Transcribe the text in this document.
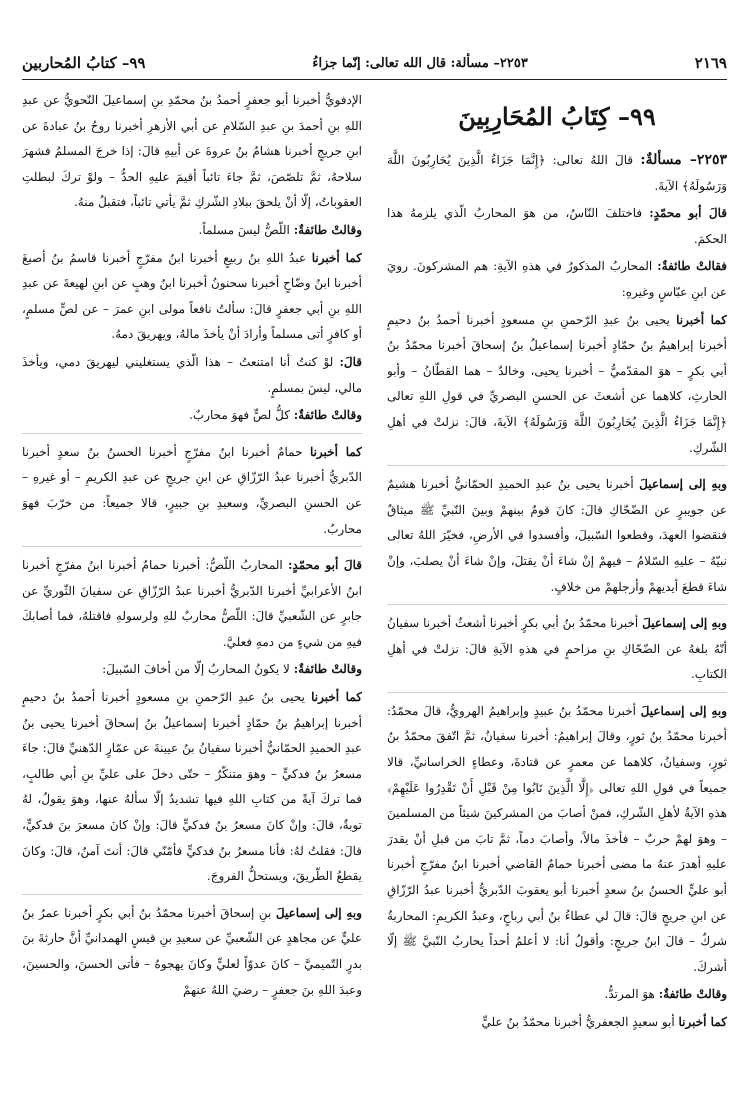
٢١٦٩
٢٢٥٣– مسألة: قال الله تعالى: إنّما جزاءُ
٩٩– كتابُ المُحاربين
٩٩– كِتَابُ المُحَارِبِينَ

٢٢٥٣– مسألةٌ: قالَ اللهُ تعالى: ﴿إِنَّمَا جَزَاءُ الَّذِينَ يُحَارِبُونَ اللَّهَ وَرَسُولَهُ﴾ الآيةَ.

قالَ أبو محمّدٍ: فاختلفَ النّاسُ، من هوَ المحاربُ الّذي يلزمهُ هذا الحكمَ.

فقالتْ طائفةٌ: المحاربُ المذكورُ في هذهِ الآيةِ: هم المشركونَ. رويَ عن ابنِ عبّاسٍ وغيرهِ:

كما أخبرنا يحيى بنُ عبدِ الرّحمنِ بنِ مسعودٍ أخبرنا أحمدُ بنُ دحيمٍ أخبرنا إبراهيمُ بنُ حمّادٍ أخبرنا إسماعيلُ بنُ إسحاقَ أخبرنا محمّدُ بنُ أبي بكرٍ – هوَ المقدّميُّ – أخبرنا يحيى، وخالدٌ – هما القطّانُ – وأبو الحارثِ، كلاهما عن أشعثَ عن الحسنِ البصريِّ في قولِ اللهِ تعالى ﴿إِنَّمَا جَزَاءُ الَّذِينَ يُحَارِبُونَ اللَّهَ وَرَسُولَهُ﴾ الآيةَ، قالَ: نزلتْ في أهلِ الشّركِ.

وبهِ إلى إسماعيلَ أخبرنا يحيى بنُ عبدِ الحميدِ الحمّانيُّ أخبرنا هشيمٌ عن جويبرٍ عن الضّحّاكِ قالَ: كانَ قومٌ بينهمْ وبينَ النّبيِّ ﷺ ميثاقٌ فنقضوا العهدَ، وقطعوا السّبيلَ، وأفسدوا في الأرضِ، فخيّرَ اللهُ تعالى نبيّهُ – عليهِ السّلامُ – فيهمْ إنْ شاءَ أنْ يقتلَ، وإنْ شاءَ أنْ يصلبَ، وإنْ شاءَ قطعَ أيديهمْ وأرجلهمْ من خلافٍ.

وبهِ إلى إسماعيلَ أخبرنا محمّدُ بنُ أبي بكرٍ أخبرنا أشعثُ أخبرنا سفيانُ أنّهُ بلغهُ عن الضّحّاكِ بنِ مزاحمٍ في هذهِ الآيةِ قالَ: نزلتْ في أهلِ الكتابِ.

وبهِ إلى إسماعيلَ أخبرنا محمّدُ بنُ عبيدٍ وإبراهيمُ الهرويُّ، قالَ محمّدٌ: أخبرنا محمّدُ بنُ ثورٍ، وقالَ إبراهيمُ: أخبرنا سفيانُ، ثمَّ اتّفقَ محمّدُ بنُ ثورٍ، وسفيانُ، كلاهما عن معمرٍ عن قتادةَ، وعطاءٍ الخراسانيِّ، قالا جميعاً في قولِ اللهِ تعالى ﴿إِلَّا الَّذِينَ تَابُوا مِنْ قَبْلِ أَنْ تَقْدِرُوا عَلَيْهِمْ﴾ هذهِ الآيةُ لأهلِ الشّركِ، فمنْ أصابَ من المشركينَ شيئاً من المسلمينَ – وهوَ لهمْ حربٌ – فأخذَ مالاً، وأصابَ دماً، ثمَّ تابَ من قبلِ أنْ يقدرَ عليهِ أهدرَ عنهُ ما مضى أخبرنا حمامٌ القاضي أخبرنا ابنُ مفرّجٍ أخبرنا أبو عليٍّ الحسنُ بنُ سعدٍ أخبرنا أبو يعقوبَ الدّبريُّ أخبرنا عبدُ الرّزّاقِ عن ابنِ جريجٍ قالَ: قالَ لي عطاءُ بنُ أبي رباحٍ، وعبدُ الكريمِ: المحاربةُ شركٌ – قالَ ابنُ جريجٍ: وأقولُ أنا: لا أعلمُ أحداً يحاربُ النّبيَّ ﷺ إلّا أشركَ.

وقالتْ طائفةٌ: هوَ المرتدُّ.

كما أخبرنا أبو سعيدٍ الجعفريُّ أخبرنا محمّدُ بنُ عليٍّ

الإدفويُّ أخبرنا أبو جعفرٍ أحمدُ بنُ محمّدِ بنِ إسماعيلَ النّحويُّ عن عبدِ اللهِ بنِ أحمدَ بنِ عبدِ السّلامِ عن أبي الأزهرِ أخبرنا روحُ بنُ عبادةَ عن ابنِ جريجٍ أخبرنا هشامُ بنُ عروةَ عن أبيهِ قالَ: إذا خرجَ المسلمُ فشهرَ سلاحهُ، ثمَّ تلصّصَ، ثمَّ جاءَ تائباً أقيمَ عليهِ الحدُّ – ولوْ تركَ لبطلتِ العقوباتُ، إلّا أنْ يلحقَ ببلادِ الشّركِ ثمَّ يأتي تائباً، فتقبلُ منهُ.

وقالتْ طائفةٌ: اللّصُّ ليسَ مسلماً.

كما أخبرنا عبدُ اللهِ بنُ ربيعٍ أخبرنا ابنُ مفرّجٍ أخبرنا قاسمُ بنُ أصبغَ أخبرنا ابنُ وضّاحٍ أخبرنا سحنونُ أخبرنا ابنُ وهبٍ عن ابنِ لهيعةَ عن عبدِ اللهِ بنِ أبي جعفرٍ قالَ: سألتُ نافعاً مولى ابنِ عمرَ – عن لصٍّ مسلمٍ، أو كافرٍ أتى مسلماً وأرادَ أنْ يأخذَ مالهُ، ويهريقَ دمهُ.

قالَ: لوْ كنتُ أنا امتنعتُ – هذا الّذي يستغليني ليهريقَ دمي، ويأخذَ مالي، ليسَ بمسلمٍ.

وقالتْ طائفةٌ: كلُّ لصٍّ فهوَ محاربٌ.

كما أخبرنا حمامٌ أخبرنا ابنُ مفرّجٍ أخبرنا الحسنُ بنُ سعدٍ أخبرنا الدّبريُّ أخبرنا عبدُ الرّزّاقِ عن ابنِ جريجٍ عن عبدِ الكريمِ – أو غيرهِ – عن الحسنِ البصريِّ، وسعيدِ بنِ جبيرٍ، قالا جميعاً: من خرّبَ فهوَ محاربٌ.

قالَ أبو محمّدٍ: المحاربُ اللّصُّ: أخبرنا حمامٌ أخبرنا ابنُ مفرّجٍ أخبرنا ابنُ الأعرابيِّ أخبرنا الدّبريُّ أخبرنا عبدُ الرّزّاقِ عن سفيانَ الثّوريِّ عن جابرٍ عن الشّعبيِّ قالَ: اللّصُّ محاربٌ للهِ ولرسولهِ فاقتلهُ، فما أصابكَ فيهِ من شيءٍ من دمهِ فعليَّ.

وقالتْ طائفةٌ: لا يكونُ المحاربُ إلّا من أخافَ السّبيلَ:

كما أخبرنا يحيى بنُ عبدِ الرّحمنِ بنِ مسعودٍ أخبرنا أحمدُ بنُ دحيمٍ أخبرنا إبراهيمُ بنُ حمّادٍ أخبرنا إسماعيلُ بنُ إسحاقَ أخبرنا يحيى بنُ عبدِ الحميدِ الحمّانيُّ أخبرنا سفيانُ بنُ عيينةَ عن عمّارٍ الدّهنيِّ قالَ: جاءَ مسعرُ بنُ فدكيٍّ – وهوَ متنكّرٌ – حتّى دخلَ على عليِّ بنِ أبي طالبٍ، فما تركَ آيةً من كتابِ اللهِ فيها تشديدٌ إلّا سألهُ عنها، وهوَ يقولُ، لهُ توبةٌ، قالَ: وإنْ كانَ مسعرُ بنُ فدكيٍّ قالَ: وإنْ كانَ مسعرَ بنَ فدكيٍّ، قالَ: فقلتُ لهُ: فأنا مسعرُ بنُ فدكيٍّ فأمّنّي قالَ: أنتَ آمنٌ، قالَ: وكانَ يقطعُ الطّريقَ، ويستحلُّ الفروجَ.

وبهِ إلى إسماعيلَ بنِ إسحاقَ أخبرنا محمّدُ بنُ أبي بكرٍ أخبرنا عمرُ بنُ عليٍّ عن مجاهدٍ عن الشّعبيِّ عن سعيدِ بنِ قيسٍ الهمدانيِّ أنَّ حارثةَ بنَ بدرٍ التّميميَّ – كانَ عدوّاً لعليٍّ وكانَ يهجوهُ – فأتى الحسنَ، والحسينَ، وعبدَ اللهِ بنَ جعفرٍ – رضيَ اللهُ عنهمْ
